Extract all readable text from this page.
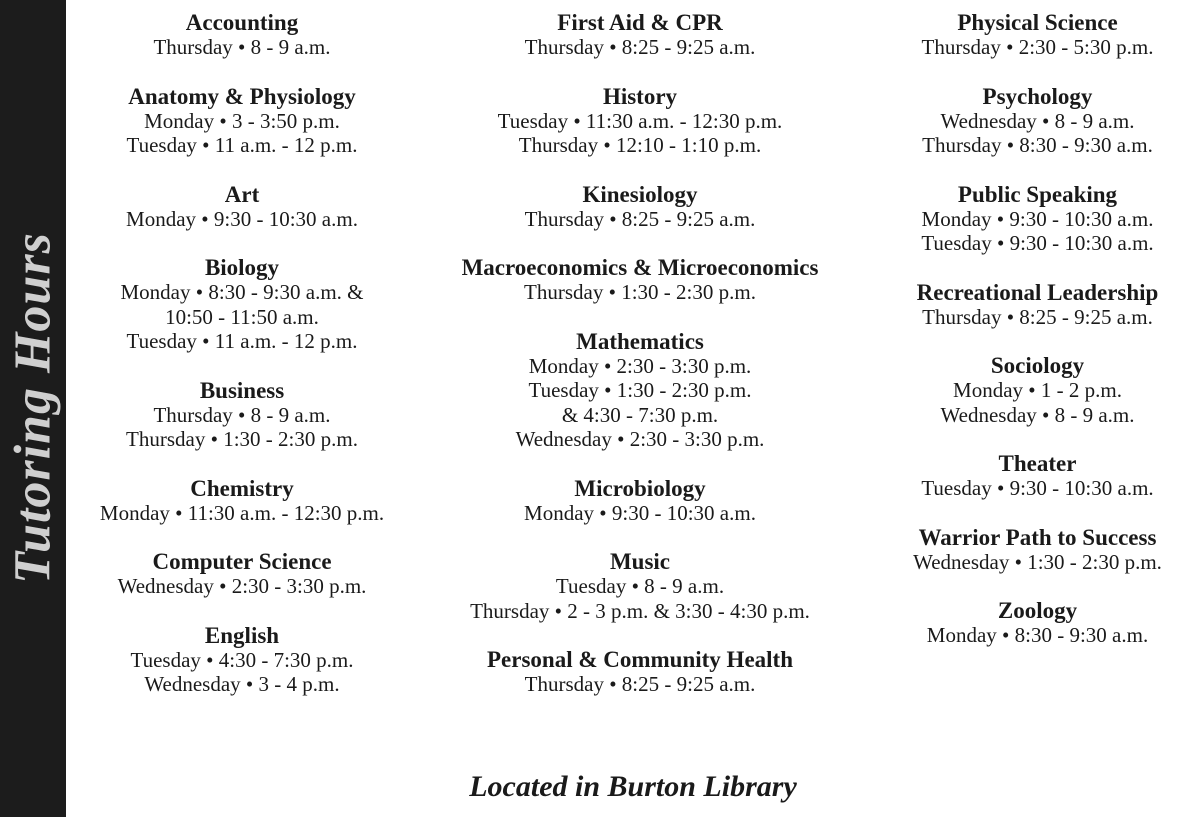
Tutoring Hours
Accounting
Thursday • 8 - 9 a.m.
Anatomy & Physiology
Monday • 3 - 3:50 p.m.
Tuesday • 11 a.m. - 12 p.m.
Art
Monday • 9:30 - 10:30 a.m.
Biology
Monday • 8:30 - 9:30 a.m. &
10:50 - 11:50 a.m.
Tuesday • 11 a.m. - 12 p.m.
Business
Thursday • 8 - 9 a.m.
Thursday • 1:30 - 2:30 p.m.
Chemistry
Monday • 11:30 a.m. - 12:30 p.m.
Computer Science
Wednesday • 2:30 - 3:30 p.m.
English
Tuesday • 4:30 - 7:30 p.m.
Wednesday • 3 - 4 p.m.
First Aid & CPR
Thursday • 8:25 - 9:25 a.m.
History
Tuesday • 11:30 a.m. - 12:30 p.m.
Thursday • 12:10 - 1:10 p.m.
Kinesiology
Thursday • 8:25 - 9:25 a.m.
Macroeconomics & Microeconomics
Thursday • 1:30 - 2:30 p.m.
Mathematics
Monday • 2:30 - 3:30 p.m.
Tuesday • 1:30 - 2:30 p.m.
& 4:30 - 7:30 p.m.
Wednesday • 2:30 - 3:30 p.m.
Microbiology
Monday • 9:30 - 10:30 a.m.
Music
Tuesday • 8 - 9 a.m.
Thursday • 2 - 3 p.m. & 3:30 - 4:30 p.m.
Personal & Community Health
Thursday • 8:25 - 9:25 a.m.
Physical Science
Thursday • 2:30 - 5:30 p.m.
Psychology
Wednesday • 8 - 9 a.m.
Thursday • 8:30 - 9:30 a.m.
Public Speaking
Monday • 9:30 - 10:30 a.m.
Tuesday • 9:30 - 10:30 a.m.
Recreational Leadership
Thursday • 8:25 - 9:25 a.m.
Sociology
Monday • 1 - 2 p.m.
Wednesday • 8 - 9 a.m.
Theater
Tuesday • 9:30 - 10:30 a.m.
Warrior Path to Success
Wednesday • 1:30 - 2:30 p.m.
Zoology
Monday • 8:30 - 9:30 a.m.
Located in Burton Library
